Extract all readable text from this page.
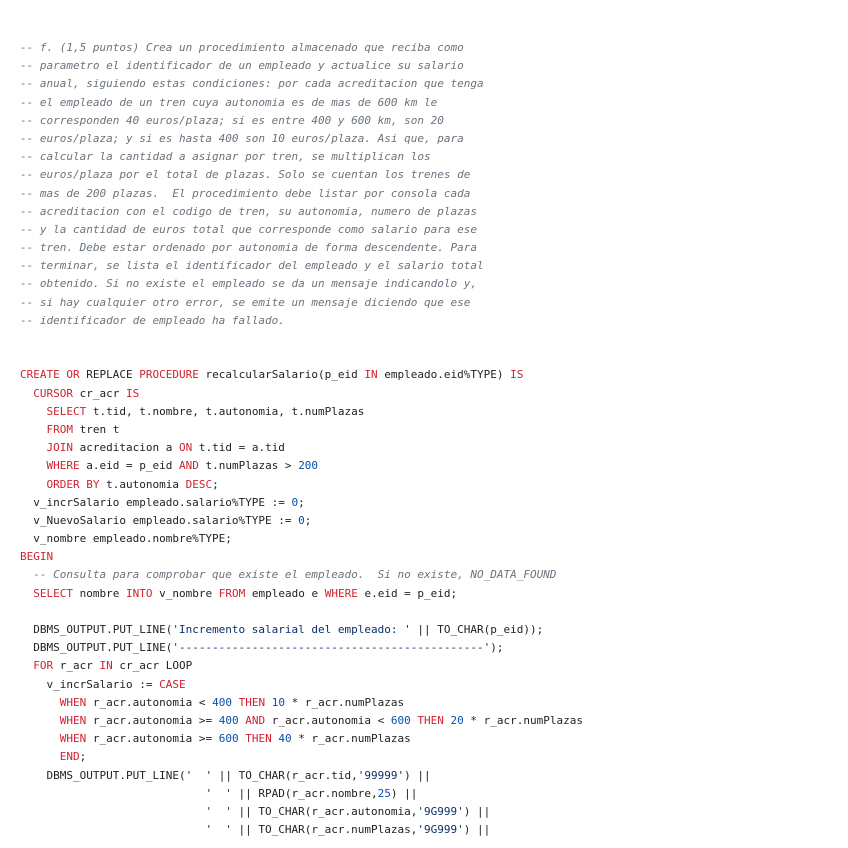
-- f. (1,5 puntos) Crea un procedimiento almacenado que reciba como
-- parametro el identificador de un empleado y actualice su salario
-- anual, siguiendo estas condiciones: por cada acreditacion que tenga
-- el empleado de un tren cuya autonomia es de mas de 600 km le
-- corresponden 40 euros/plaza; si es entre 400 y 600 km, son 20
-- euros/plaza; y si es hasta 400 son 10 euros/plaza. Asi que, para
-- calcular la cantidad a asignar por tren, se multiplican los
-- euros/plaza por el total de plazas. Solo se cuentan los trenes de
-- mas de 200 plazas.  El procedimiento debe listar por consola cada
-- acreditacion con el codigo de tren, su autonomia, numero de plazas
-- y la cantidad de euros total que corresponde como salario para ese
-- tren. Debe estar ordenado por autonomia de forma descendente. Para
-- terminar, se lista el identificador del empleado y el salario total
-- obtenido. Si no existe el empleado se da un mensaje indicandolo y,
-- si hay cualquier otro error, se emite un mensaje diciendo que ese
-- identificador de empleado ha fallado.
CREATE OR REPLACE PROCEDURE recalcularSalario(p_eid IN empleado.eid%TYPE) IS
CURSOR cr_acr IS
SELECT t.tid, t.nombre, t.autonomia, t.numPlazas
FROM tren t
JOIN acreditacion a ON t.tid = a.tid
WHERE a.eid = p_eid AND t.numPlazas > 200
ORDER BY t.autonomia DESC;
v_incrSalario empleado.salario%TYPE := 0;
v_NuevoSalario empleado.salario%TYPE := 0;
v_nombre empleado.nombre%TYPE;
BEGIN
-- Consulta para comprobar que existe el empleado.  Si no existe, NO_DATA_FOUND
SELECT nombre INTO v_nombre FROM empleado e WHERE e.eid = p_eid;
DBMS_OUTPUT.PUT_LINE('Incremento salarial del empleado: ' || TO_CHAR(p_eid));
DBMS_OUTPUT.PUT_LINE('----------------------------------------------');
FOR r_acr IN cr_acr LOOP
v_incrSalario := CASE
WHEN r_acr.autonomia < 400 THEN 10 * r_acr.numPlazas
WHEN r_acr.autonomia >= 400 AND r_acr.autonomia < 600 THEN 20 * r_acr.numPlazas
WHEN r_acr.autonomia >= 600 THEN 40 * r_acr.numPlazas
END;
DBMS_OUTPUT.PUT_LINE('  ' || TO_CHAR(r_acr.tid,'99999') ||
'  ' || RPAD(r_acr.nombre,25) ||
'  ' || TO_CHAR(r_acr.autonomia,'9G999') ||
'  ' || TO_CHAR(r_acr.numPlazas,'9G999') ||
